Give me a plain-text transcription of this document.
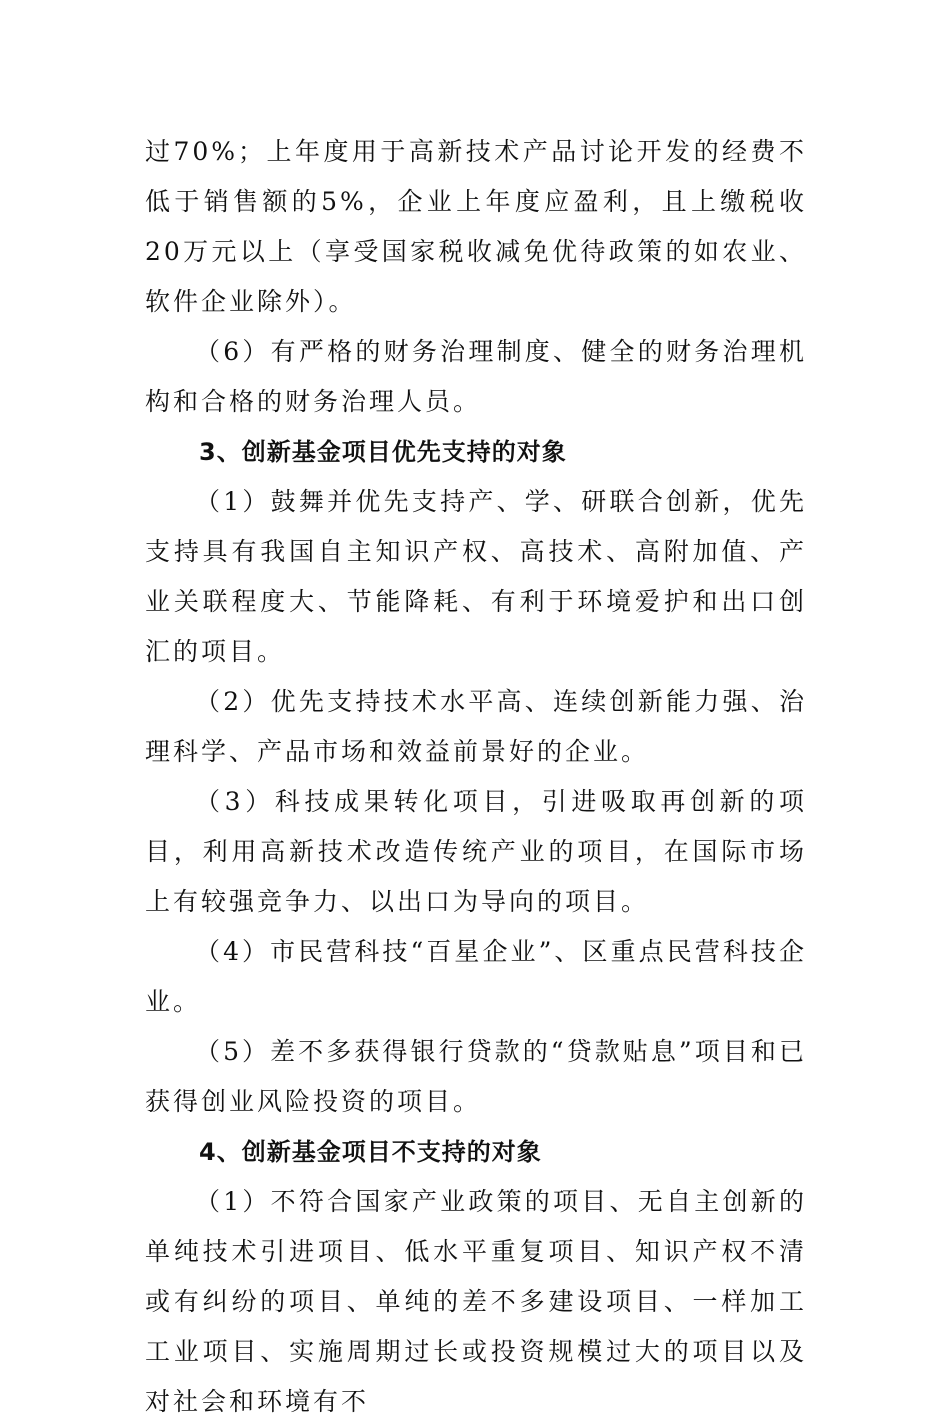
过70%；上年度用于高新技术产品讨论开发的经费不低于销售额的5%，企业上年度应盈利，且上缴税收20万元以上（享受国家税收减免优待政策的如农业、软件企业除外）。

（6）有严格的财务治理制度、健全的财务治理机构和合格的财务治理人员。

3、创新基金项目优先支持的对象

（1）鼓舞并优先支持产、学、研联合创新，优先支持具有我国自主知识产权、高技术、高附加值、产业关联程度大、节能降耗、有利于环境爱护和出口创汇的项目。

（2）优先支持技术水平高、连续创新能力强、治理科学、产品市场和效益前景好的企业。

（3）科技成果转化项目，引进吸取再创新的项目，利用高新技术改造传统产业的项目，在国际市场上有较强竞争力、以出口为导向的项目。

（4）市民营科技“百星企业”、区重点民营科技企业。

（5）差不多获得银行贷款的“贷款贴息”项目和已获得创业风险投资的项目。

4、创新基金项目不支持的对象

（1）不符合国家产业政策的项目、无自主创新的单纯技术引进项目、低水平重复项目、知识产权不清或有纠纷的项目、单纯的差不多建设项目、一样加工工业项目、实施周期过长或投资规模过大的项目以及对社会和环境有不
